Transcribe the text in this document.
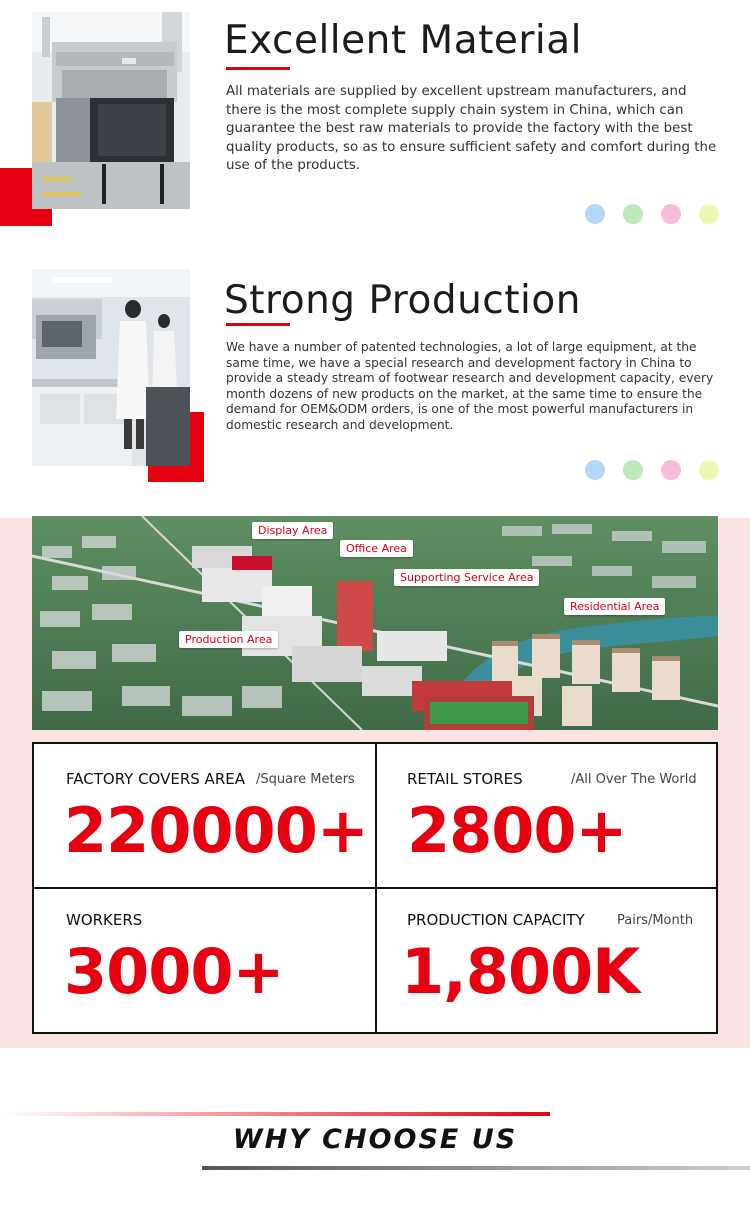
Excellent Material

All materials are supplied by excellent upstream manufacturers, and there is the most complete supply chain system in China, which can guarantee the best raw materials to provide the factory with the best quality products, so as to ensure sufficient safety and comfort during the use of the products.

Strong Production

We have a number of patented technologies, a lot of large equipment, at the same time, we have a special research and development factory in China to provide a steady stream of footwear research and development capacity, every month dozens of new products on the market, at the same time to ensure the demand for OEM&ODM orders, is one of the most powerful manufacturers in domestic research and development.

Display Area
Office Area
Supporting Service Area
Residential Area
Production Area
FACTORY COVERS AREA /Square Meters
220000+
RETAIL STORES	/All Over The World
2800+
WORKERS
3000+
PRODUCTION CAPACITY Pairs/Month
1,800K
WHY CHOOSE US
